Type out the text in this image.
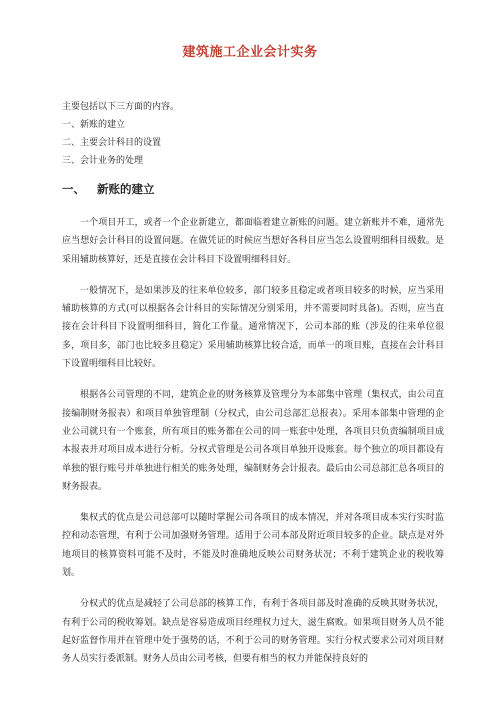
建筑施工企业会计实务
主要包括以下三方面的内容。
一、新账的建立
二、主要会计科目的设置
三、会计业务的处理
一、 新账的建立

一个项目开工，或者一个企业新建立，都面临着建立新账的问题。建立新账并不难，通常先应当想好会计科目的设置问题。在做凭证的时候应当想好各科目应当怎么设置明细科目级数。是采用辅助核算好，还是直接在会计科目下设置明细科目好。

一般情况下，是如果涉及的往来单位较多，部门较多且稳定或者项目较多的时候，应当采用辅助核算的方式(可以根据各会计科目的实际情况分别采用，并不需要同时具备)。否则，应当直接在会计科目下设置明细科目，简化工作量。通常情况下，公司本部的账（涉及的往来单位很多，项目多，部门也比较多且稳定）采用辅助核算比较合适，而单一的项目账，直接在会计科目下设置明细科目比较好。

根据各公司管理的不同，建筑企业的财务核算及管理分为本部集中管理（集权式，由公司直接编制财务报表）和项目单独管理制（分权式，由公司总部汇总报表）。采用本部集中管理的企业公司就只有一个账套，所有项目的账务都在公司的同一账套中处理，各项目只负责编制项目成本报表并对项目成本进行分析。分权式管理是公司各项目单独开设账套。每个独立的项目都设有单独的银行账号并单独进行相关的账务处理，编制财务会计报表。最后由公司总部汇总各项目的财务报表。

集权式的优点是公司总部可以随时掌握公司各项目的成本情况，并对各项目成本实行实时监控和动态管理，有利于公司加强财务管理。适用于公司本部及附近项目较多的企业。缺点是对外地项目的核算资料可能不及时，不能及时准确地反映公司财务状况；不利于建筑企业的税收筹划。

分权式的优点是减轻了公司总部的核算工作，有利于各项目部及时准确的反映其财务状况，有利于公司的税收筹划。缺点是容易造成项目经理权力过大，滋生腐败。如果项目财务人员不能起好监督作用并在管理中处于强势的话，不利于公司的财务管理。实行分权式要求公司对项目财务人员实行委派制。财务人员由公司考核，但要有相当的权力并能保持良好的
